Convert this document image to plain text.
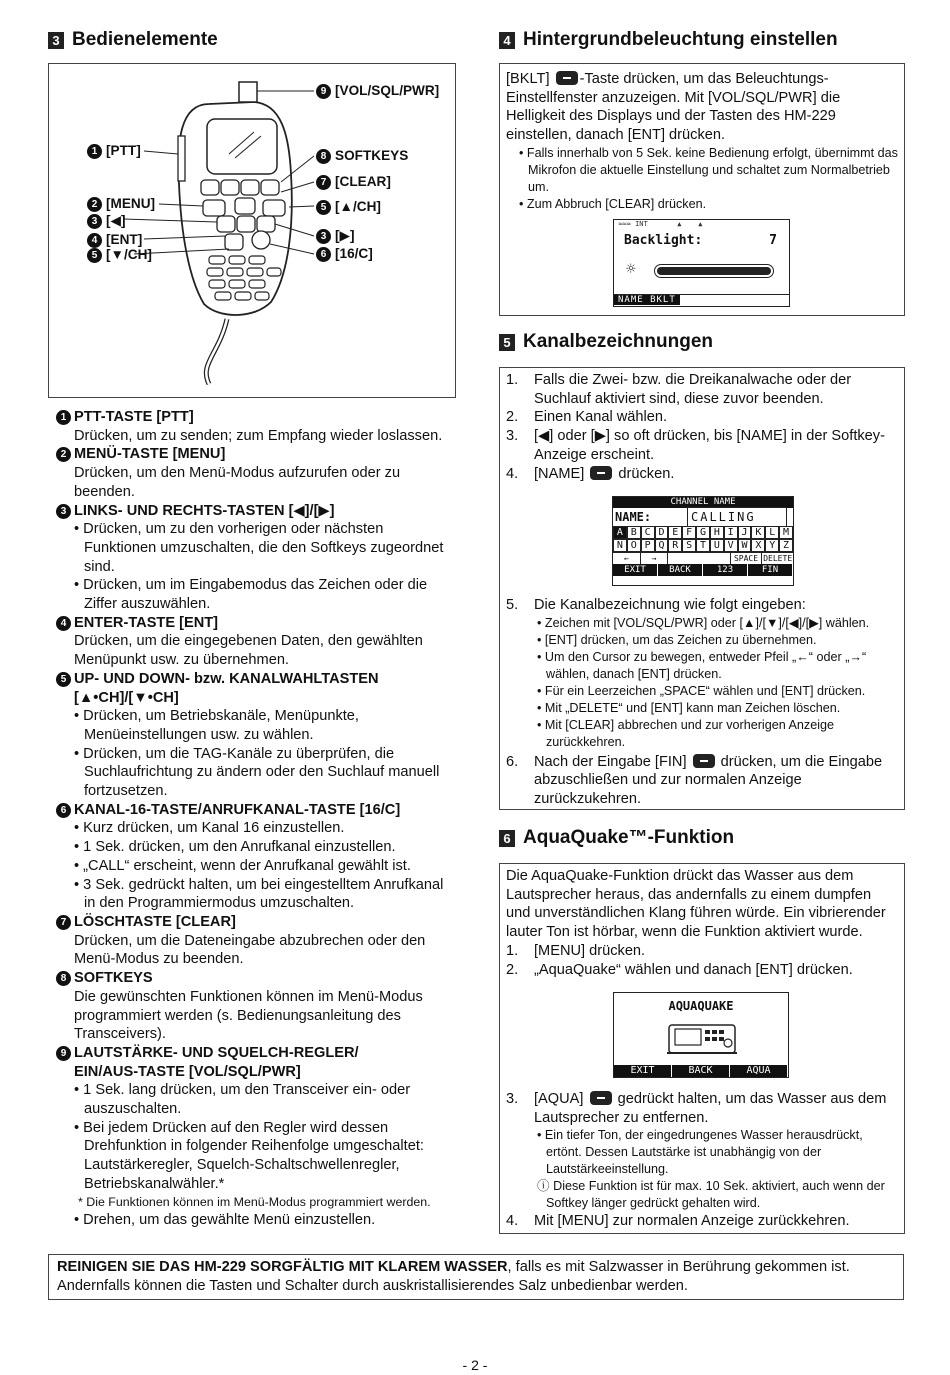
3 Bedienelemente
9 [VOL/SQL/PWR]
1 [PTT]	8 SOFTKEYS
7 [CLEAR]
2 [MENU]	5 [▲/CH]
3 [◀]
3 [▶]
4 [ENT]
6 [16/C]
5 [▼/CH]
1 PTT-TASTE [PTT]
Drücken, um zu senden; zum Empfang wieder loslassen.
2 MENÜ-TASTE [MENU]
Drücken, um den Menü-Modus aufzurufen oder zu beenden.
3 LINKS- UND RECHTS-TASTEN [◀]/[▶]
• Drücken, um zu den vorherigen oder nächsten Funktionen umzuschalten, die den Softkeys zugeordnet sind.
• Drücken, um im Eingabemodus das Zeichen oder die Ziffer auszuwählen.
4 ENTER-TASTE [ENT]
Drücken, um die eingegebenen Daten, den gewählten Menüpunkt usw. zu übernehmen.
5 UP- UND DOWN- bzw. KANALWAHLTASTEN
[▲•CH]/[▼•CH]
• Drücken, um Betriebskanäle, Menüpunkte, Menüeinstellungen usw. zu wählen.
• Drücken, um die TAG-Kanäle zu überprüfen, die Suchlaufrichtung zu ändern oder den Suchlauf manuell fortzusetzen.
6 KANAL-16-TASTE/ANRUFKANAL-TASTE [16/C]
• Kurz drücken, um Kanal 16 einzustellen.
• 1 Sek. drücken, um den Anrufkanal einzustellen.
• „CALL“ erscheint, wenn der Anrufkanal gewählt ist.
• 3 Sek. gedrückt halten, um bei eingestelltem Anrufkanal in den Programmiermodus umzuschalten.
7 LÖSCHTASTE [CLEAR]
Drücken, um die Dateneingabe abzubrechen oder den Menü-Modus zu beenden.
8 SOFTKEYS
Die gewünschten Funktionen können im Menü-Modus programmiert werden (s. Bedienungsanleitung des Transceivers).
9 LAUTSTÄRKE- UND SQUELCH-REGLER/
EIN/AUS-TASTE [VOL/SQL/PWR]
• 1 Sek. lang drücken, um den Transceiver ein- oder auszuschalten.
• Bei jedem Drücken auf den Regler wird dessen Drehfunktion in folgender Reihenfolge umgeschaltet: Lautstärkeregler, Squelch-Schaltschwellenregler, Betriebskanalwähler.*
* Die Funktionen können im Menü-Modus programmiert werden.
• Drehen, um das gewählte Menü einzustellen.
4 Hintergrundbeleuchtung einstellen
[BKLT] -Taste drücken, um das Beleuchtungs-Einstellfenster anzuzeigen. Mit [VOL/SQL/PWR] die Helligkeit des Displays und der Tasten des HM-229 einstellen, danach [ENT] drücken.
• Falls innerhalb von 5 Sek. keine Bedienung erfolgt, übernimmt das Mikrofon die aktuelle Einstellung und schaltet zum Normalbetrieb um.
• Zum Abbruch [CLEAR] drücken.
≈≈≈ INT       ▲    ▲
Backlight:	7
☼
NAME BKLT
5 Kanalbezeichnungen
1.	Falls die Zwei- bzw. die Dreikanalwache oder der Suchlauf aktiviert sind, diese zuvor beenden.
2.	Einen Kanal wählen.
3.	[◀] oder [▶] so oft drücken, bis [NAME] in der Softkey-Anzeige erscheint.
4.	[NAME] drücken.
CHANNEL NAME
NAME:	CALLING
A B C D E F G H I J K L M
N O P Q R S T U V W X Y Z
←	→	SPACE DELETE
EXIT	BACK	123	FIN
5.	Die Kanalbezeichnung wie folgt eingeben:
• Zeichen mit [VOL/SQL/PWR] oder [▲]/[▼]/[◀]/[▶] wählen.
• [ENT] drücken, um das Zeichen zu übernehmen.
• Um den Cursor zu bewegen, entweder Pfeil „←“ oder „→“ wählen, danach [ENT] drücken.
• Für ein Leerzeichen „SPACE“ wählen und [ENT] drücken.
• Mit „DELETE“ und [ENT] kann man Zeichen löschen.
• Mit [CLEAR] abbrechen und zur vorherigen Anzeige zurückkehren.
6.	Nach der Eingabe [FIN] drücken, um die Eingabe abzuschließen und zur normalen Anzeige zurückzukehren.
6 AquaQuake™-Funktion
Die AquaQuake-Funktion drückt das Wasser aus dem Lautsprecher heraus, das andernfalls zu einem dumpfen und unverständlichen Klang führen würde. Ein vibrierender lauter Ton ist hörbar, wenn die Funktion aktiviert wurde.
1.	[MENU] drücken.
2.	„AquaQuake“ wählen und danach [ENT] drücken.
AQUAQUAKE
EXIT	BACK	AQUA
3.	[AQUA] gedrückt halten, um das Wasser aus dem Lautsprecher zu entfernen.
• Ein tiefer Ton, der eingedrungenes Wasser herausdrückt, ertönt. Dessen Lautstärke ist unabhängig von der Lautstärkeeinstellung.
ⓘ Diese Funktion ist für max. 10 Sek. aktiviert, auch wenn der Softkey länger gedrückt gehalten wird.
4.	Mit [MENU] zur normalen Anzeige zurückkehren.
REINIGEN SIE DAS HM-229 SORGFÄLTIG MIT KLAREM WASSER, falls es mit Salzwasser in Berührung gekommen ist. Andernfalls können die Tasten und Schalter durch auskristallisierendes Salz unbedienbar werden.
- 2 -
